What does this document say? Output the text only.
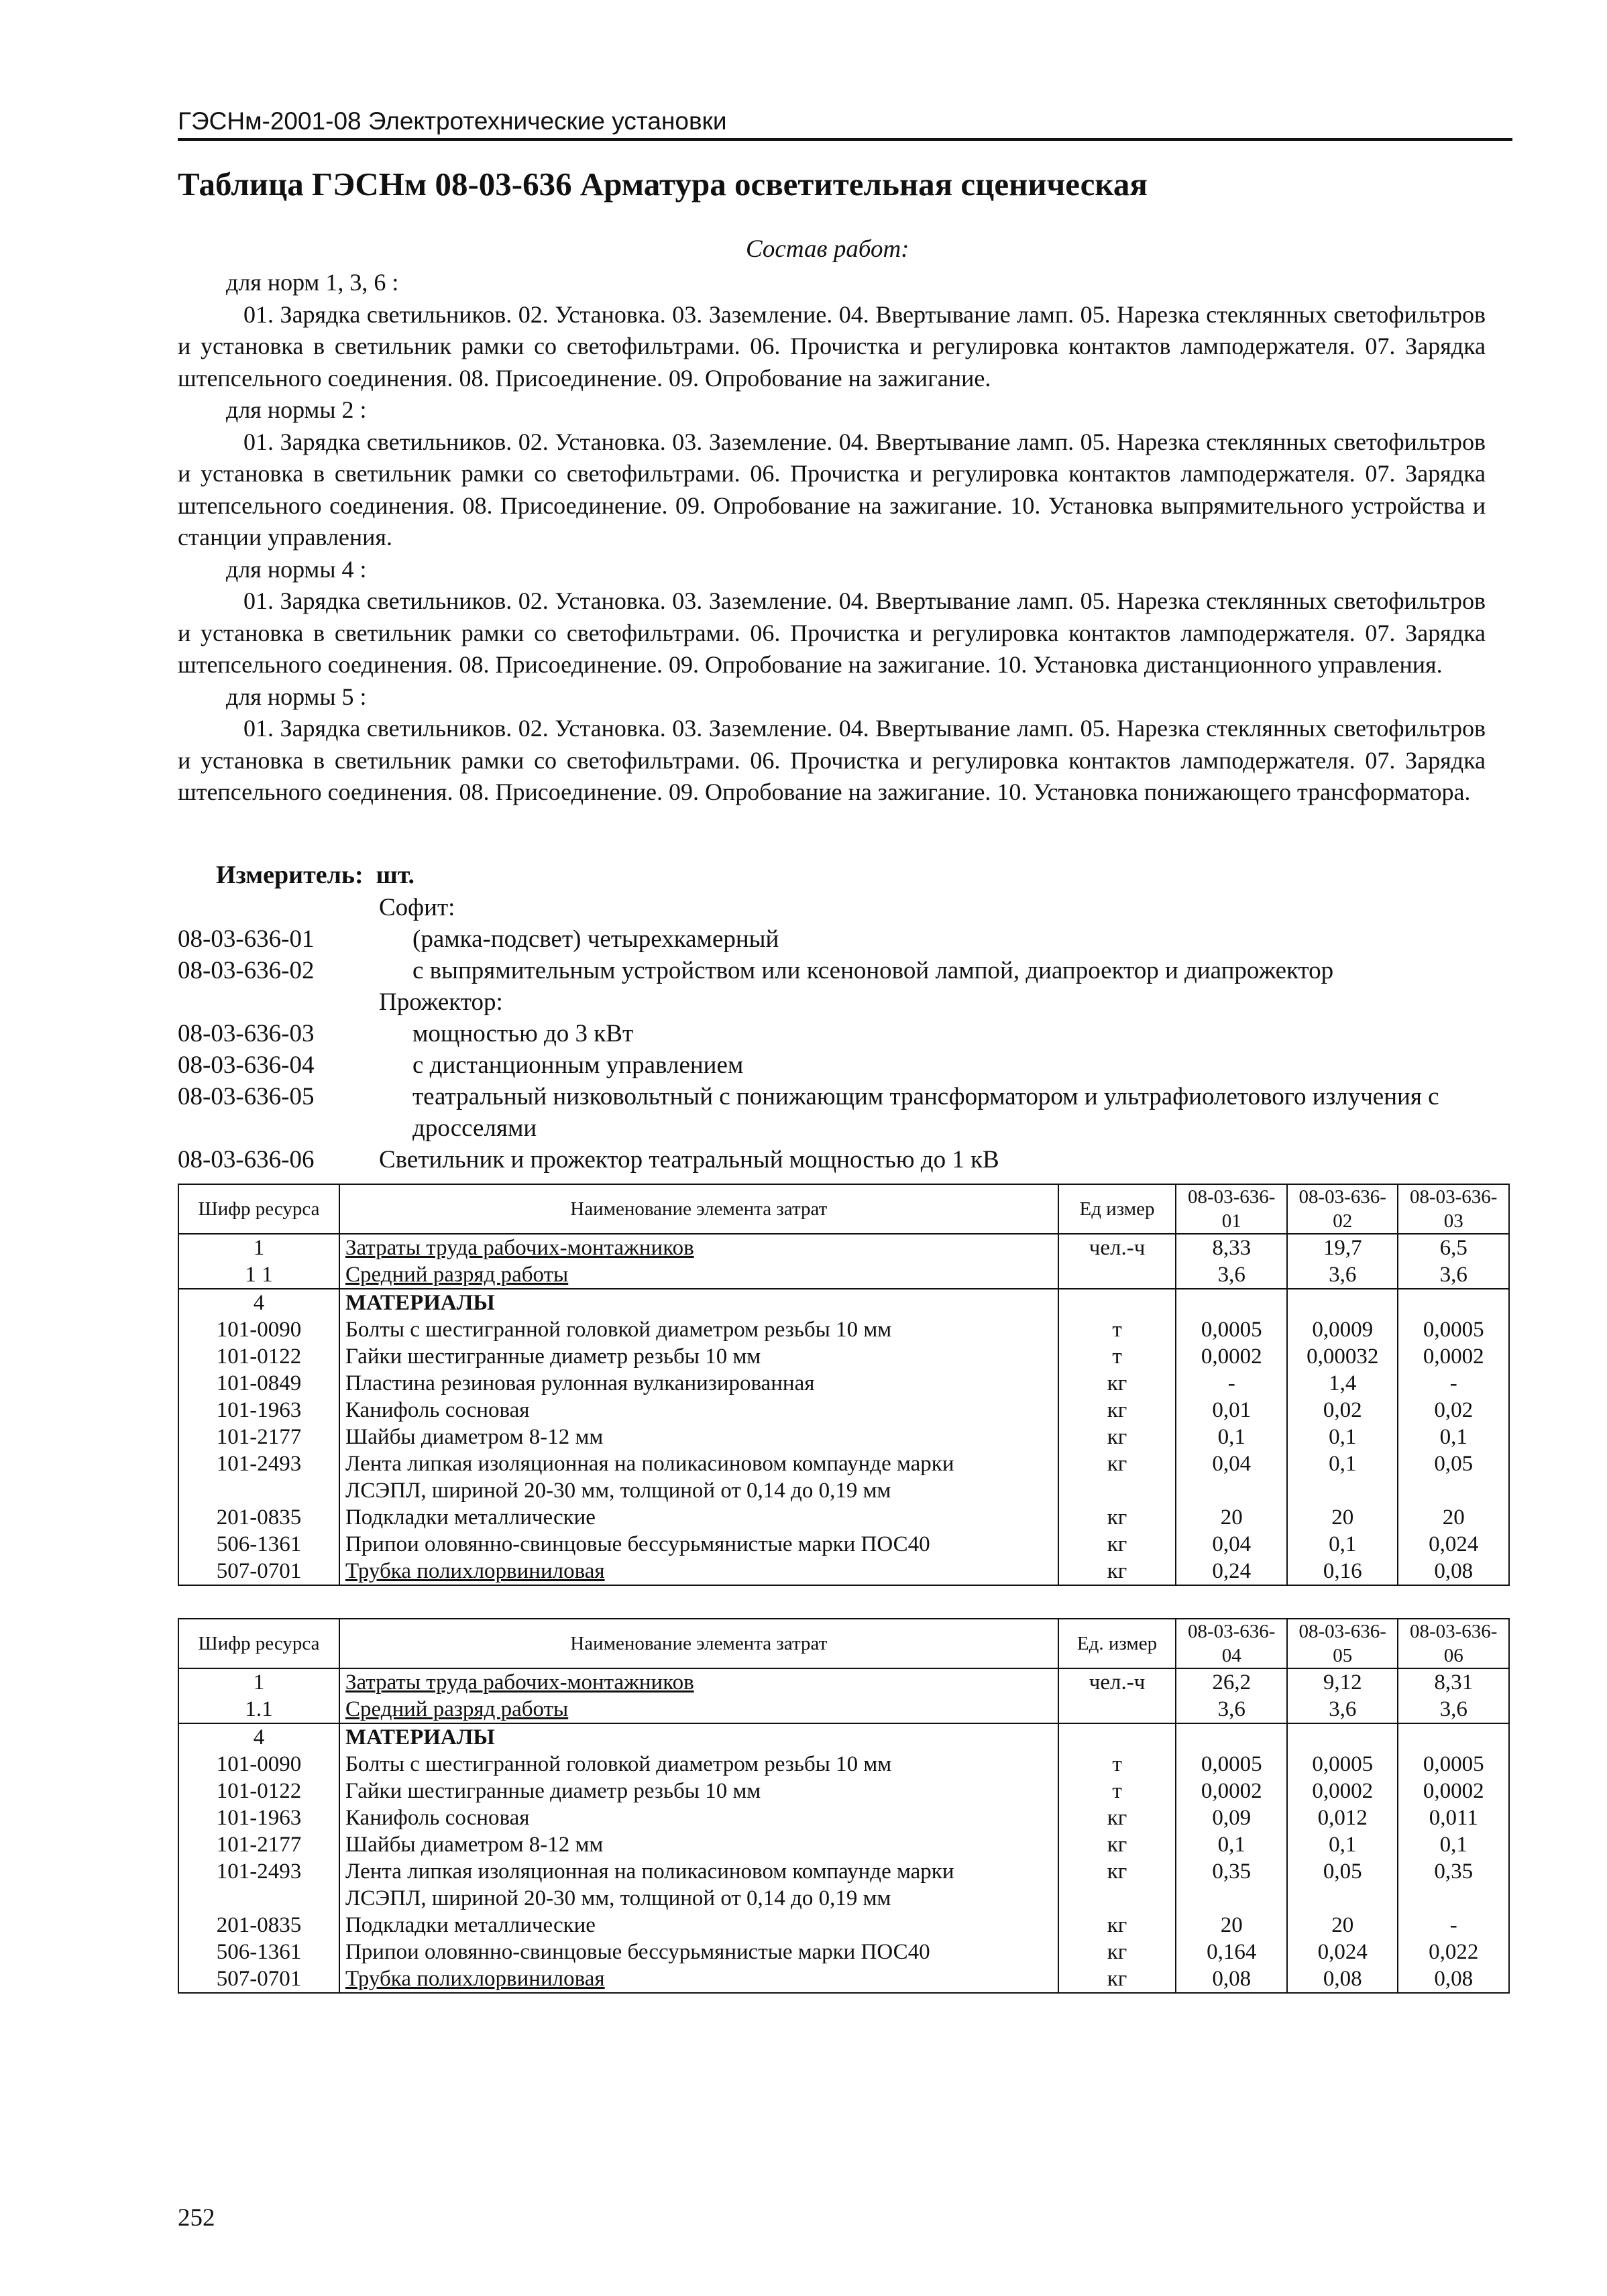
ГЭСНм-2001-08 Электротехнические установки
Таблица ГЭСНм 08-03-636 Арматура осветительная сценическая
Состав работ:
для норм 1, 3, 6 :

01. Зарядка светильников. 02. Установка. 03. Заземление. 04. Ввертывание ламп. 05. Нарезка стеклянных светофильтров и установка в светильник рамки со светофильтрами. 06. Прочистка и регулировка контактов ламподержателя. 07. Зарядка штепсельного соединения. 08. Присоединение. 09. Опробование на зажигание.

для нормы 2 :

01. Зарядка светильников. 02. Установка. 03. Заземление. 04. Ввертывание ламп. 05. Нарезка стеклянных светофильтров и установка в светильник рамки со светофильтрами. 06. Прочистка и регулировка контактов ламподержателя. 07. Зарядка штепсельного соединения. 08. Присоединение. 09. Опробование на зажигание. 10. Установка выпрямительного устройства и станции управления.

для нормы 4 :

01. Зарядка светильников. 02. Установка. 03. Заземление. 04. Ввертывание ламп. 05. Нарезка стеклянных светофильтров и установка в светильник рамки со светофильтрами. 06. Прочистка и регулировка контактов ламподержателя. 07. Зарядка штепсельного соединения. 08. Присоединение. 09. Опробование на зажигание. 10. Установка дистанционного управления.

для нормы 5 :

01. Зарядка светильников. 02. Установка. 03. Заземление. 04. Ввертывание ламп. 05. Нарезка стеклянных светофильтров и установка в светильник рамки со светофильтрами. 06. Прочистка и регулировка контактов ламподержателя. 07. Зарядка штепсельного соединения. 08. Присоединение. 09. Опробование на зажигание. 10. Установка понижающего трансформатора.

Измеритель: шт.
Софит:
08-03-636-01	(рамка-подсвет) четырехкамерный
08-03-636-02	с выпрямительным устройством или ксеноновой лампой, диапроектор и диапрожектор
Прожектор:
08-03-636-03	мощностью до 3 кВт
08-03-636-04	с дистанционным управлением
08-03-636-05	театральный низковольтный с понижающим трансформатором и ультрафиолетового излучения с дросселями
08-03-636-06	Светильник и прожектор театральный мощностью до 1 кВ
Шифр ресурса	Наименование элемента затрат	Ед измер	08-03-636-01	08-03-636-02	08-03-636-03
1	Затраты труда рабочих-монтажников	чел.-ч	8,33	19,7	6,5
1 1	Средний разряд работы		3,6	3,6	3,6
4	МАТЕРИАЛЫ				
101-0090	Болты с шестигранной головкой диаметром резьбы 10 мм	т	0,0005	0,0009	0,0005
101-0122	Гайки шестигранные диаметр резьбы 10 мм	т	0,0002	0,00032	0,0002
101-0849	Пластина резиновая рулонная вулканизированная	кг	-	1,4	-
101-1963	Канифоль сосновая	кг	0,01	0,02	0,02
101-2177	Шайбы диаметром 8-12 мм	кг	0,1	0,1	0,1
101-2493	Лента липкая изоляционная на поликасиновом компаунде марки	кг	0,04	0,1	0,05
	ЛСЭПЛ, шириной 20-30 мм, толщиной от 0,14 до 0,19 мм				
201-0835	Подкладки металлические	кг	20	20	20
506-1361	Припои оловянно-свинцовые бессурьмянистые марки ПОС40	кг	0,04	0,1	0,024
507-0701	Трубка полихлорвиниловая	кг	0,24	0,16	0,08
Шифр ресурса	Наименование элемента затрат	Ед. измер	08-03-636-04	08-03-636-05	08-03-636-06
1	Затраты труда рабочих-монтажников	чел.-ч	26,2	9,12	8,31
1.1	Средний разряд работы		3,6	3,6	3,6
4	МАТЕРИАЛЫ				
101-0090	Болты с шестигранной головкой диаметром резьбы 10 мм	т	0,0005	0,0005	0,0005
101-0122	Гайки шестигранные диаметр резьбы 10 мм	т	0,0002	0,0002	0,0002
101-1963	Канифоль сосновая	кг	0,09	0,012	0,011
101-2177	Шайбы диаметром 8-12 мм	кг	0,1	0,1	0,1
101-2493	Лента липкая изоляционная на поликасиновом компаунде марки	кг	0,35	0,05	0,35
	ЛСЭПЛ, шириной 20-30 мм, толщиной от 0,14 до 0,19 мм				
201-0835	Подкладки металлические	кг	20	20	-
506-1361	Припои оловянно-свинцовые бессурьмянистые марки ПОС40	кг	0,164	0,024	0,022
507-0701	Трубка полихлорвиниловая	кг	0,08	0,08	0,08
252
